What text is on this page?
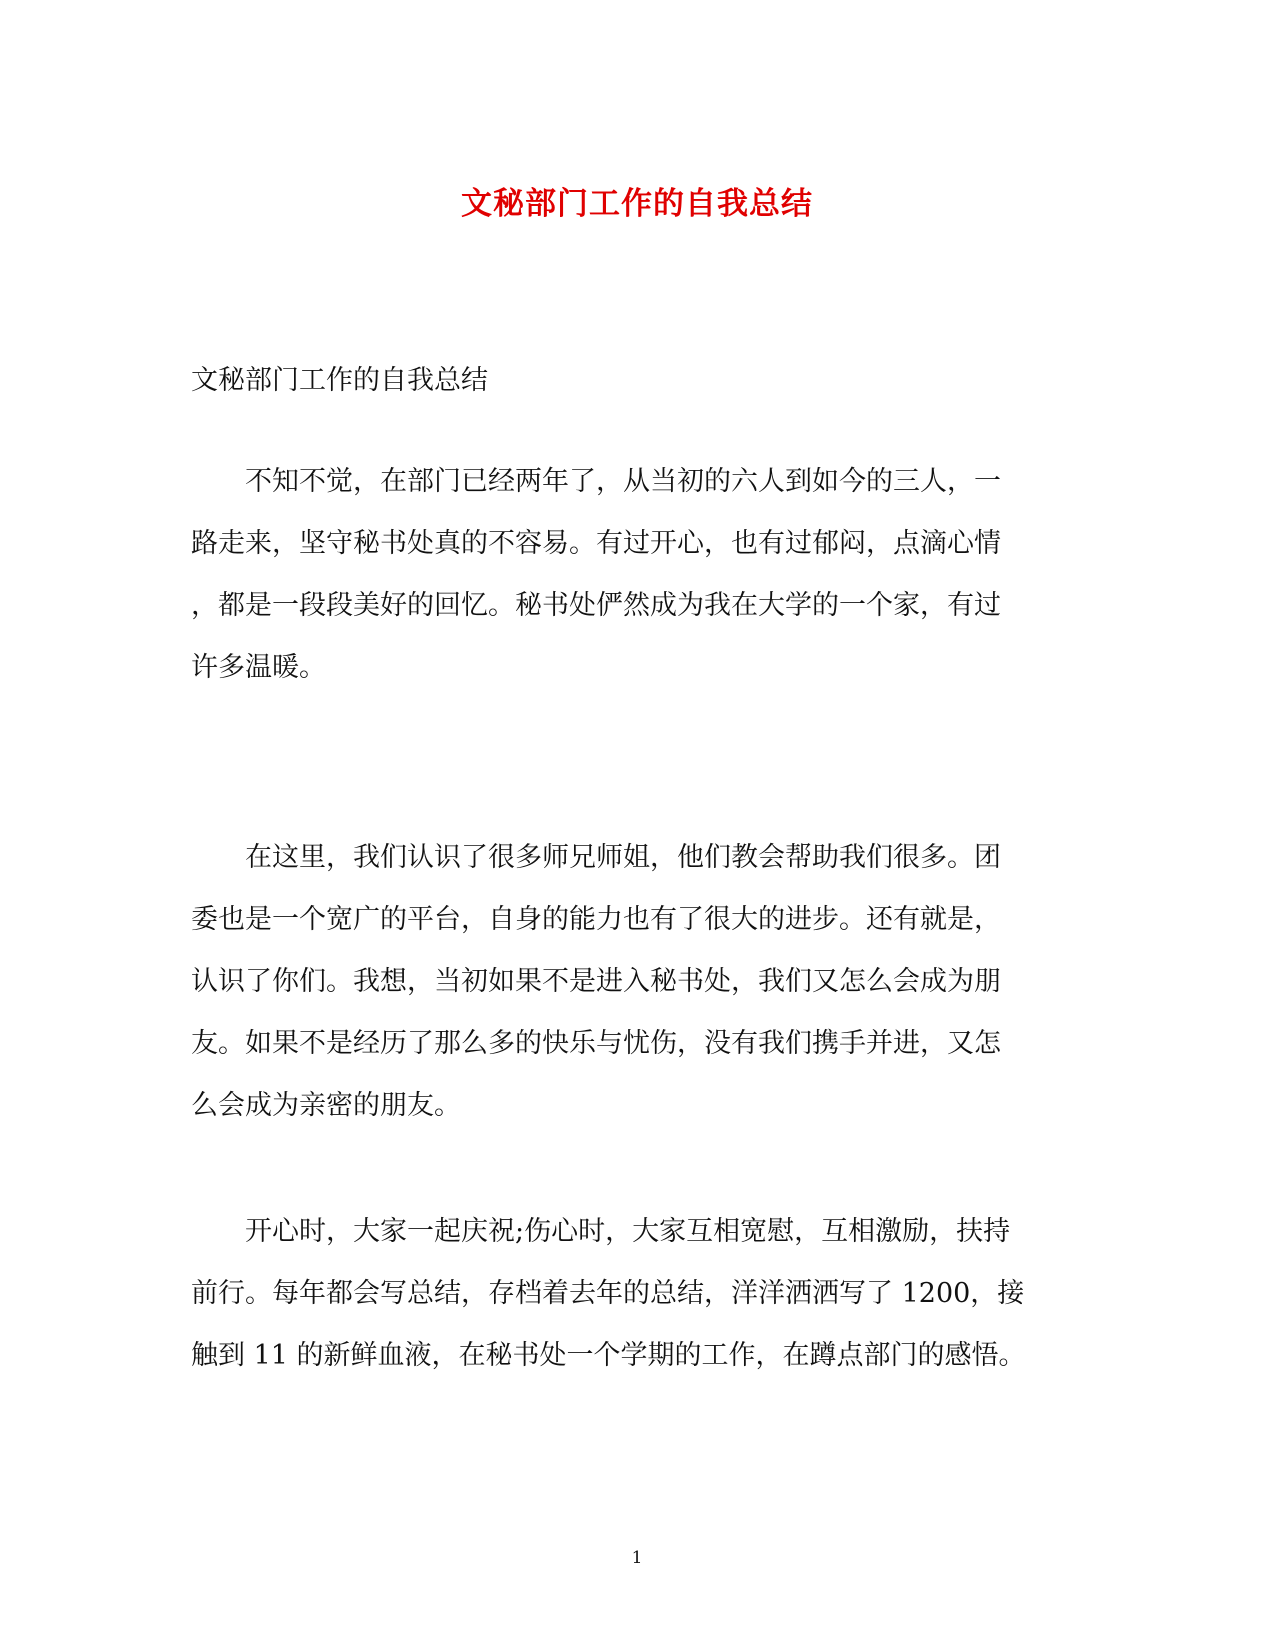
文秘部门工作的自我总结

文秘部门工作的自我总结

　　不知不觉，在部门已经两年了，从当初的六人到如今的三人，一
路走来，坚守秘书处真的不容易。有过开心，也有过郁闷，点滴心情
，都是一段段美好的回忆。秘书处俨然成为我在大学的一个家，有过
许多温暖。
　　在这里，我们认识了很多师兄师姐，他们教会帮助我们很多。团
委也是一个宽广的平台，自身的能力也有了很大的进步。还有就是，
认识了你们。我想，当初如果不是进入秘书处，我们又怎么会成为朋
友。如果不是经历了那么多的快乐与忧伤，没有我们携手并进，又怎
么会成为亲密的朋友。
　　开心时，大家一起庆祝;伤心时，大家互相宽慰，互相激励，扶持
前行。每年都会写总结，存档着去年的总结，洋洋洒洒写了 1200，接
触到 11 的新鲜血液，在秘书处一个学期的工作，在蹲点部门的感悟。

1
